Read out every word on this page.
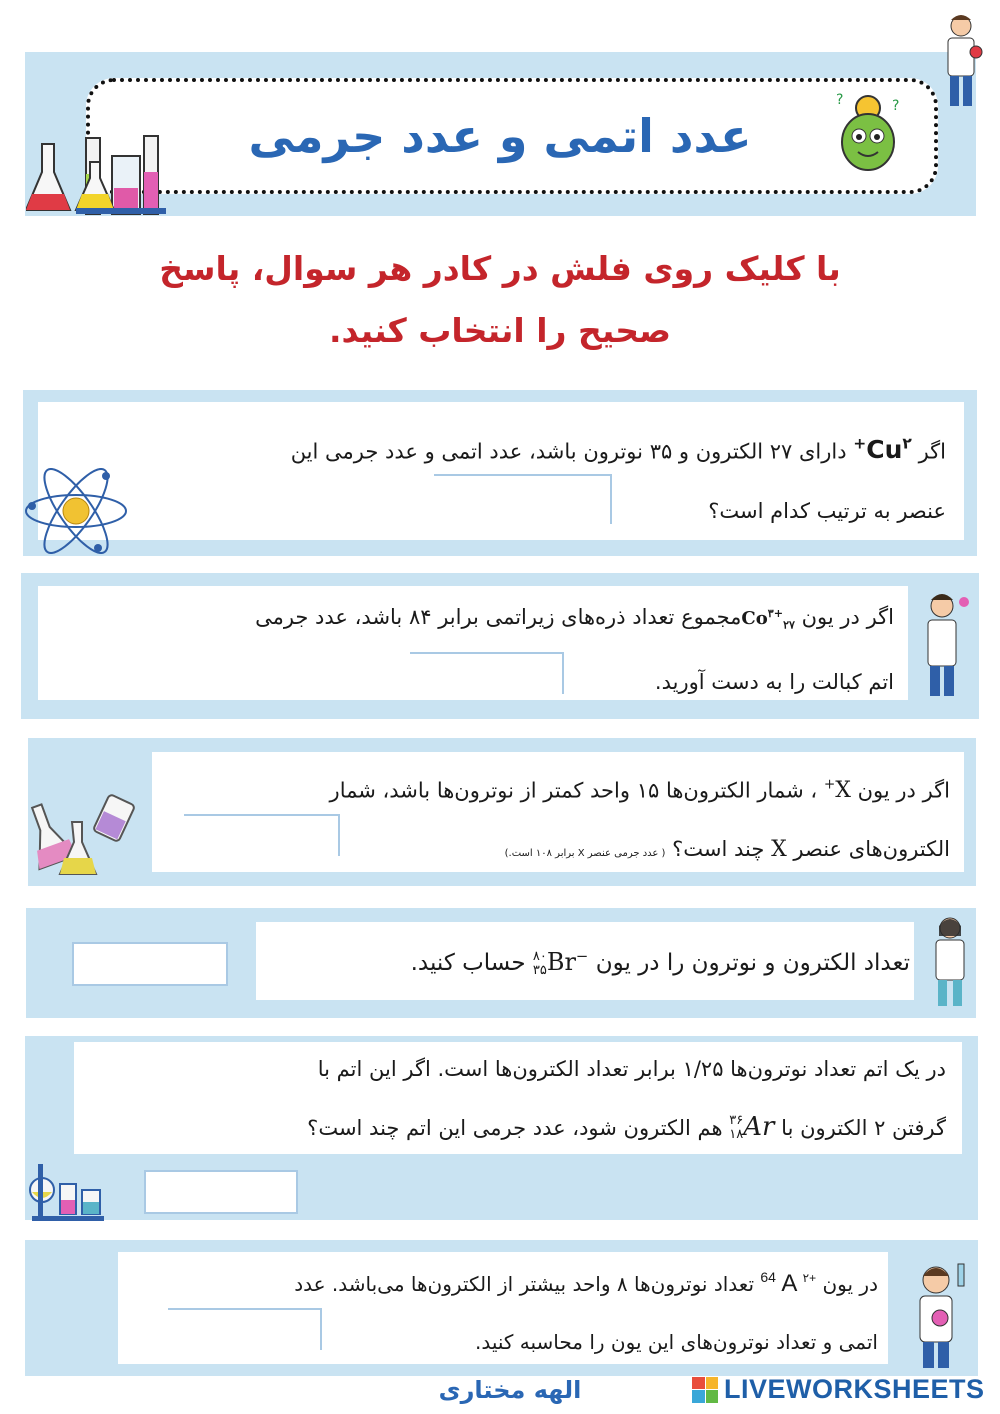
عدد اتمی و عدد جرمی
?	?
با کلیک روی فلش در کادر هر سوال، پاسخ
صحیح را انتخاب کنید.
اگر $Cu^{۲+}$ دارای ۲۷ الکترون و ۳۵ نوترون باشد، عدد اتمی و عدد جرمی این
عنصر به ترتیب کدام است؟
اگر در یون $Co^{۳+}_{۲۷}مجموع$ تعداد ذره‌های زیراتمی برابر ۸۴ باشد، عدد جرمی
اتم کبالت را به دست آورید.
اگر در یون X+ ، شمار الکترون‌ها ۱۵ واحد کمتر از نوترون‌ها باشد، شمار
الکترون‌های عنصر X چند است؟ ( عدد جرمی عنصر X برابر ۱۰۸ است.)
تعداد الکترون و نوترون را در یون
۸۰
۳۵ Br− حساب کنید.
در یک اتم تعداد نوترون‌ها ۱/۲۵ برابر تعداد الکترون‌ها است. اگر این اتم با
گرفتن ۲ الکترون با
۳۶
۱۸ Ar هم الکترون شود، عدد جرمی این اتم چند است؟
در یون $^{64}$ A $^{۲+}$ تعداد نوترون‌ها ۸ واحد بیشتر از الکترون‌ها می‌باشد. عدد
اتمی و تعداد نوترون‌های این یون را محاسبه کنید.
الهه مختاری	LIVEWORKSHEETS
